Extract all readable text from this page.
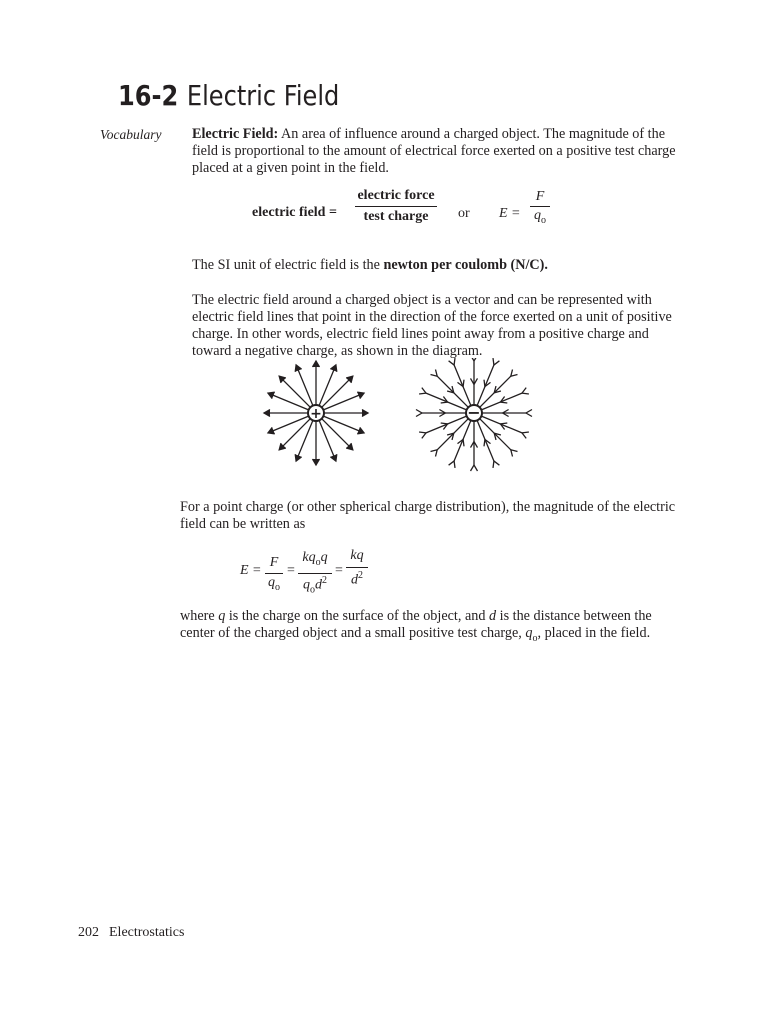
16-2 Electric Field
Vocabulary Electric Field: An area of influence around a charged object. The magnitude of the field is proportional to the amount of electrical force exerted on a positive test charge placed at a given point in the field.

electric field =
electric force
test charge	or E =
F
$q_o$

The SI unit of electric field is the newton per coulomb (N/C).

The electric field around a charged object is a vector and can be represented with electric field lines that point in the direction of the force exerted on a unit of positive charge. In other words, electric field lines point away from a positive charge and toward a negative charge, as shown in the diagram.

+	−

For a point charge (or other spherical charge distribution), the magnitude of the electric field can be written as

E =
F
$q_o$
=
$kq_oq$
$q_od^2$
=
kq
$d^2$

where q is the charge on the surface of the object, and d is the distance between the center of the charged object and a small positive test charge, $q_o$, placed in the field.

202 Electrostatics
